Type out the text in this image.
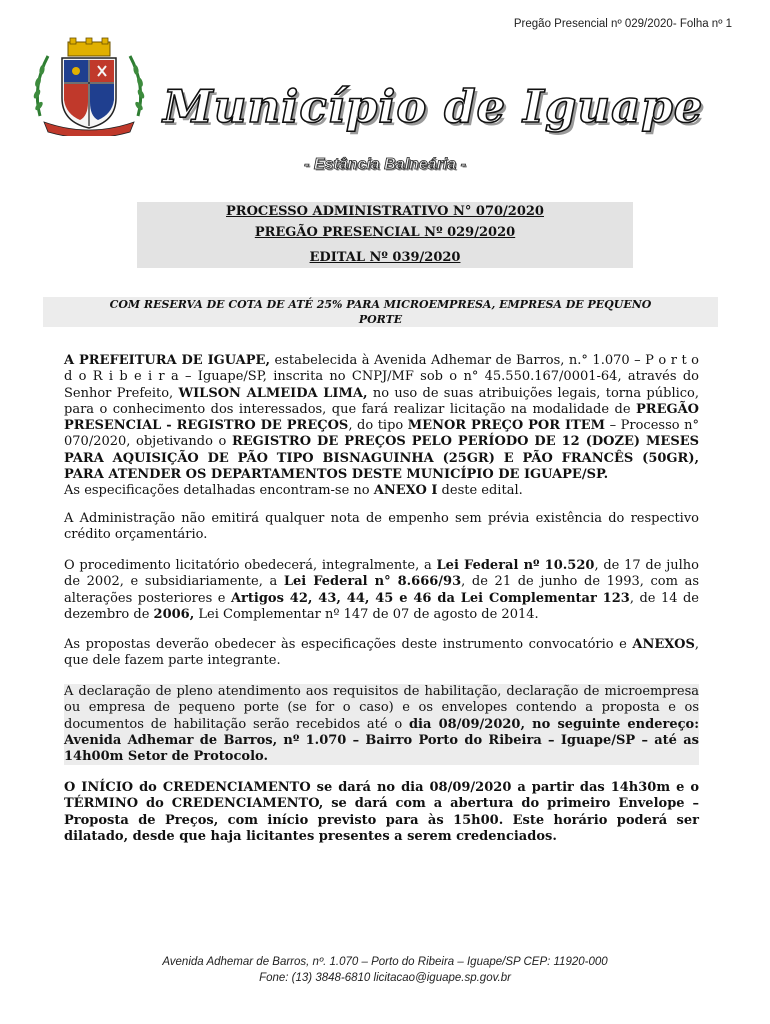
Pregão Presencial nº 029/2020- Folha nº 1
Município de Iguape
- Estância Balneária -
PROCESSO ADMINISTRATIVO N° 070/2020
PREGÃO PRESENCIAL Nº 029/2020
EDITAL Nº 039/2020
COM RESERVA DE COTA DE ATÉ 25% PARA MICROEMPRESA, EMPRESA DE PEQUENO
PORTE
A PREFEITURA DE IGUAPE, estabelecida à Avenida Adhemar de Barros, n.° 1.070 – P o r t o d o R i b e i r a – Iguape/SP, inscrita no CNPJ/MF sob o n° 45.550.167/0001-64, através do Senhor Prefeito, WILSON ALMEIDA LIMA, no uso de suas atribuições legais, torna público, para o conhecimento dos interessados, que fará realizar licitação na modalidade de PREGÃO PRESENCIAL - REGISTRO DE PREÇOS, do tipo MENOR PREÇO POR ITEM – Processo n° 070/2020, objetivando o REGISTRO DE PREÇOS PELO PERÍODO DE 12 (DOZE) MESES PARA AQUISIÇÃO DE PÃO TIPO BISNAGUINHA (25GR) E PÃO FRANCÊS (50GR), PARA ATENDER OS DEPARTAMENTOS DESTE MUNICÍPIO DE IGUAPE/SP.
As especificações detalhadas encontram-se no ANEXO I deste edital.
A Administração não emitirá qualquer nota de empenho sem prévia existência do respectivo crédito orçamentário.
O procedimento licitatório obedecerá, integralmente, a Lei Federal nº 10.520, de 17 de julho de 2002, e subsidiariamente, a Lei Federal n° 8.666/93, de 21 de junho de 1993, com as alterações posteriores e Artigos 42, 43, 44, 45 e 46 da Lei Complementar 123, de 14 de dezembro de 2006, Lei Complementar nº 147 de 07 de agosto de 2014.
As propostas deverão obedecer às especificações deste instrumento convocatório e ANEXOS, que dele fazem parte integrante.
A declaração de pleno atendimento aos requisitos de habilitação, declaração de microempresa ou empresa de pequeno porte (se for o caso) e os envelopes contendo a proposta e os documentos de habilitação serão recebidos até o dia 08/09/2020, no seguinte endereço: Avenida Adhemar de Barros, nº 1.070 – Bairro Porto do Ribeira – Iguape/SP – até as 14h00m Setor de Protocolo.
O INÍCIO do CREDENCIAMENTO se dará no dia 08/09/2020 a partir das 14h30m e o TÉRMINO do CREDENCIAMENTO, se dará com a abertura do primeiro Envelope – Proposta de Preços, com início previsto para às 15h00. Este horário poderá ser dilatado, desde que haja licitantes presentes a serem credenciados.
Avenida Adhemar de Barros, nº. 1.070 – Porto do Ribeira – Iguape/SP CEP: 11920-000
Fone: (13) 3848-6810 licitacao@iguape.sp.gov.br
